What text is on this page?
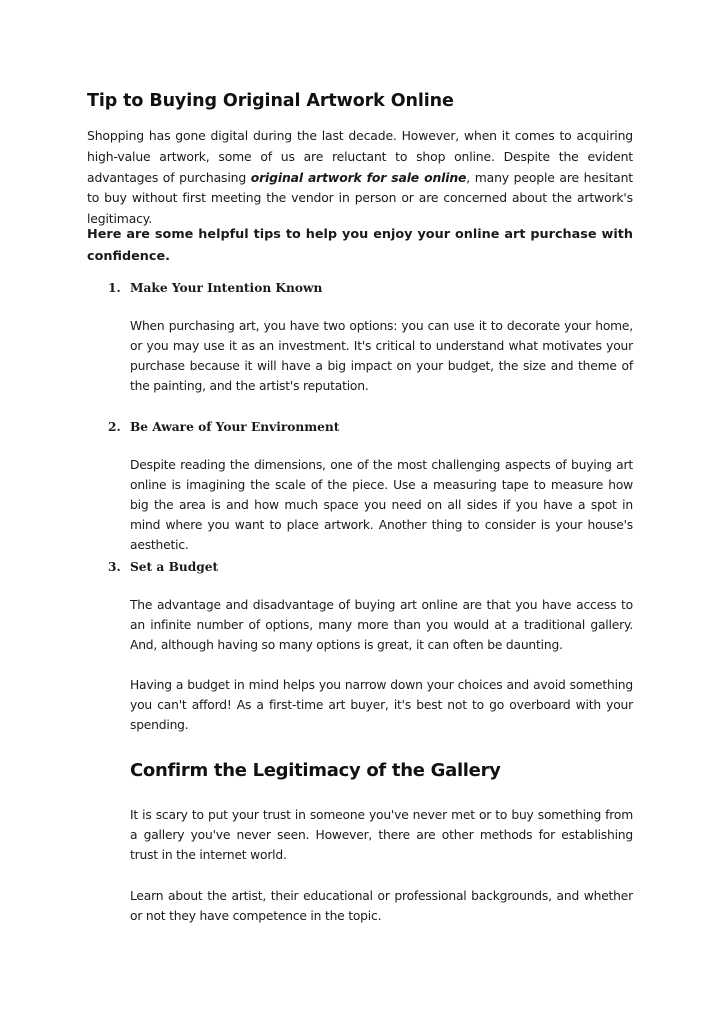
Tip to Buying Original Artwork Online

Shopping has gone digital during the last decade. However, when it comes to acquiring high-value artwork, some of us are reluctant to shop online. Despite the evident advantages of purchasing original artwork for sale online, many people are hesitant to buy without first meeting the vendor in person or are concerned about the artwork's legitimacy.

Here are some helpful tips to help you enjoy your online art purchase with confidence.

1. Make Your Intention Known

When purchasing art, you have two options: you can use it to decorate your home, or you may use it as an investment. It's critical to understand what motivates your purchase because it will have a big impact on your budget, the size and theme of the painting, and the artist's reputation.

2. Be Aware of Your Environment

Despite reading the dimensions, one of the most challenging aspects of buying art online is imagining the scale of the piece. Use a measuring tape to measure how big the area is and how much space you need on all sides if you have a spot in mind where you want to place artwork. Another thing to consider is your house's aesthetic.

3. Set a Budget

The advantage and disadvantage of buying art online are that you have access to an infinite number of options, many more than you would at a traditional gallery. And, although having so many options is great, it can often be daunting.

Having a budget in mind helps you narrow down your choices and avoid something you can't afford! As a first-time art buyer, it's best not to go overboard with your spending.

Confirm the Legitimacy of the Gallery

It is scary to put your trust in someone you've never met or to buy something from a gallery you've never seen. However, there are other methods for establishing trust in the internet world.

Learn about the artist, their educational or professional backgrounds, and whether or not they have competence in the topic.
